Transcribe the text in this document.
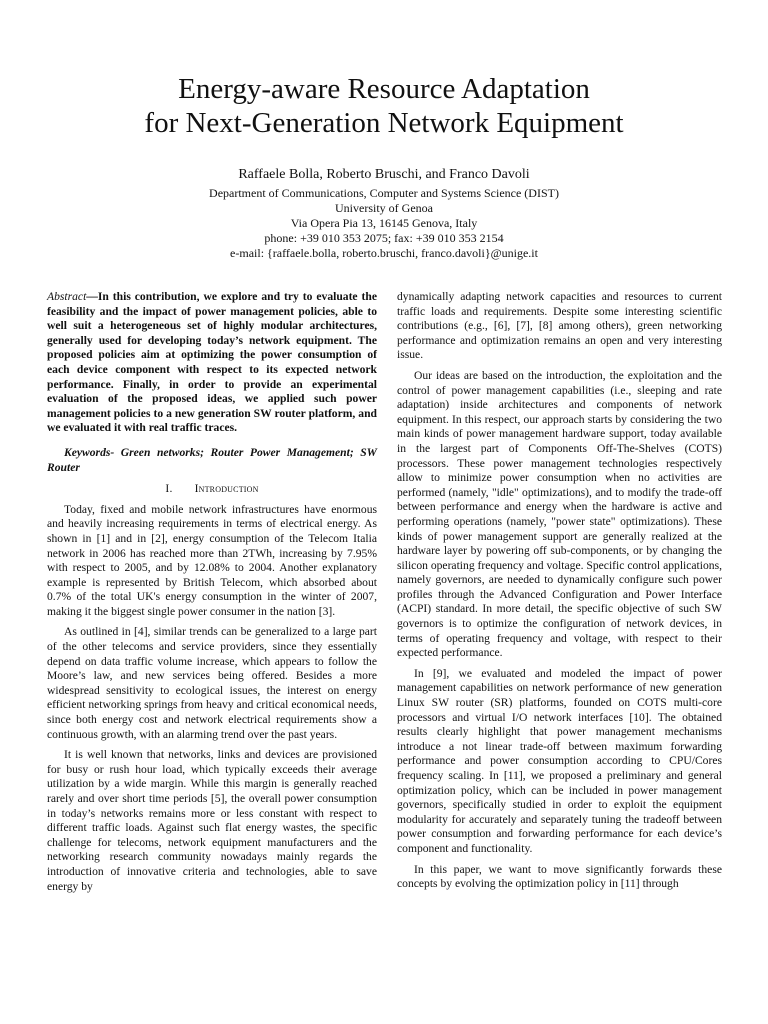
Energy-aware Resource Adaptation
for Next-Generation Network Equipment
Raffaele Bolla, Roberto Bruschi, and Franco Davoli
Department of Communications, Computer and Systems Science (DIST)
University of Genoa
Via Opera Pia 13, 16145 Genova, Italy
phone: +39 010 353 2075; fax: +39 010 353 2154
e-mail: {raffaele.bolla, roberto.bruschi, franco.davoli}@unige.it

Abstract—In this contribution, we explore and try to evaluate the feasibility and the impact of power management policies, able to well suit a heterogeneous set of highly modular architectures, generally used for developing today’s network equipment. The proposed policies aim at optimizing the power consumption of each device component with respect to its expected network performance. Finally, in order to provide an experimental evaluation of the proposed ideas, we applied such power management policies to a new generation SW router platform, and we evaluated it with real traffic traces.

Keywords- Green networks; Router Power Management; SW Router

I. Introduction

Today, fixed and mobile network infrastructures have enormous and heavily increasing requirements in terms of electrical energy. As shown in [1] and in [2], energy consumption of the Telecom Italia network in 2006 has reached more than 2TWh, increasing by 7.95% with respect to 2005, and by 12.08% to 2004. Another explanatory example is represented by British Telecom, which absorbed about 0.7% of the total UK's energy consumption in the winter of 2007, making it the biggest single power consumer in the nation [3].

As outlined in [4], similar trends can be generalized to a large part of the other telecoms and service providers, since they essentially depend on data traffic volume increase, which appears to follow the Moore’s law, and new services being offered. Besides a more widespread sensitivity to ecological issues, the interest on energy efficient networking springs from heavy and critical economical needs, since both energy cost and network electrical requirements show a continuous growth, with an alarming trend over the past years.

It is well known that networks, links and devices are provisioned for busy or rush hour load, which typically exceeds their average utilization by a wide margin. While this margin is generally reached rarely and over short time periods [5], the overall power consumption in today’s networks remains more or less constant with respect to different traffic loads. Against such flat energy wastes, the specific challenge for telecoms, network equipment manufacturers and the networking research community nowadays mainly regards the introduction of innovative criteria and technologies, able to save energy by

dynamically adapting network capacities and resources to current traffic loads and requirements. Despite some interesting scientific contributions (e.g., [6], [7], [8] among others), green networking performance and optimization remains an open and very interesting issue.

Our ideas are based on the introduction, the exploitation and the control of power management capabilities (i.e., sleeping and rate adaptation) inside architectures and components of network equipment. In this respect, our approach starts by considering the two main kinds of power management hardware support, today available in the largest part of Components Off-The-Shelves (COTS) processors. These power management technologies respectively allow to minimize power consumption when no activities are performed (namely, "idle" optimizations), and to modify the trade-off between performance and energy when the hardware is active and performing operations (namely, "power state" optimizations). These kinds of power management support are generally realized at the hardware layer by powering off sub-components, or by changing the silicon operating frequency and voltage. Specific control applications, namely governors, are needed to dynamically configure such power profiles through the Advanced Configuration and Power Interface (ACPI) standard. In more detail, the specific objective of such SW governors is to optimize the configuration of network devices, in terms of operating frequency and voltage, with respect to their expected performance.

In [9], we evaluated and modeled the impact of power management capabilities on network performance of new generation Linux SW router (SR) platforms, founded on COTS multi-core processors and virtual I/O network interfaces [10]. The obtained results clearly highlight that power management mechanisms introduce a not linear trade-off between maximum forwarding performance and power consumption according to CPU/Cores frequency scaling. In [11], we proposed a preliminary and general optimization policy, which can be included in power management governors, specifically studied in order to exploit the equipment modularity for accurately and separately tuning the tradeoff between power consumption and forwarding performance for each device’s component and functionality.

In this paper, we want to move significantly forwards these concepts by evolving the optimization policy in [11] through
